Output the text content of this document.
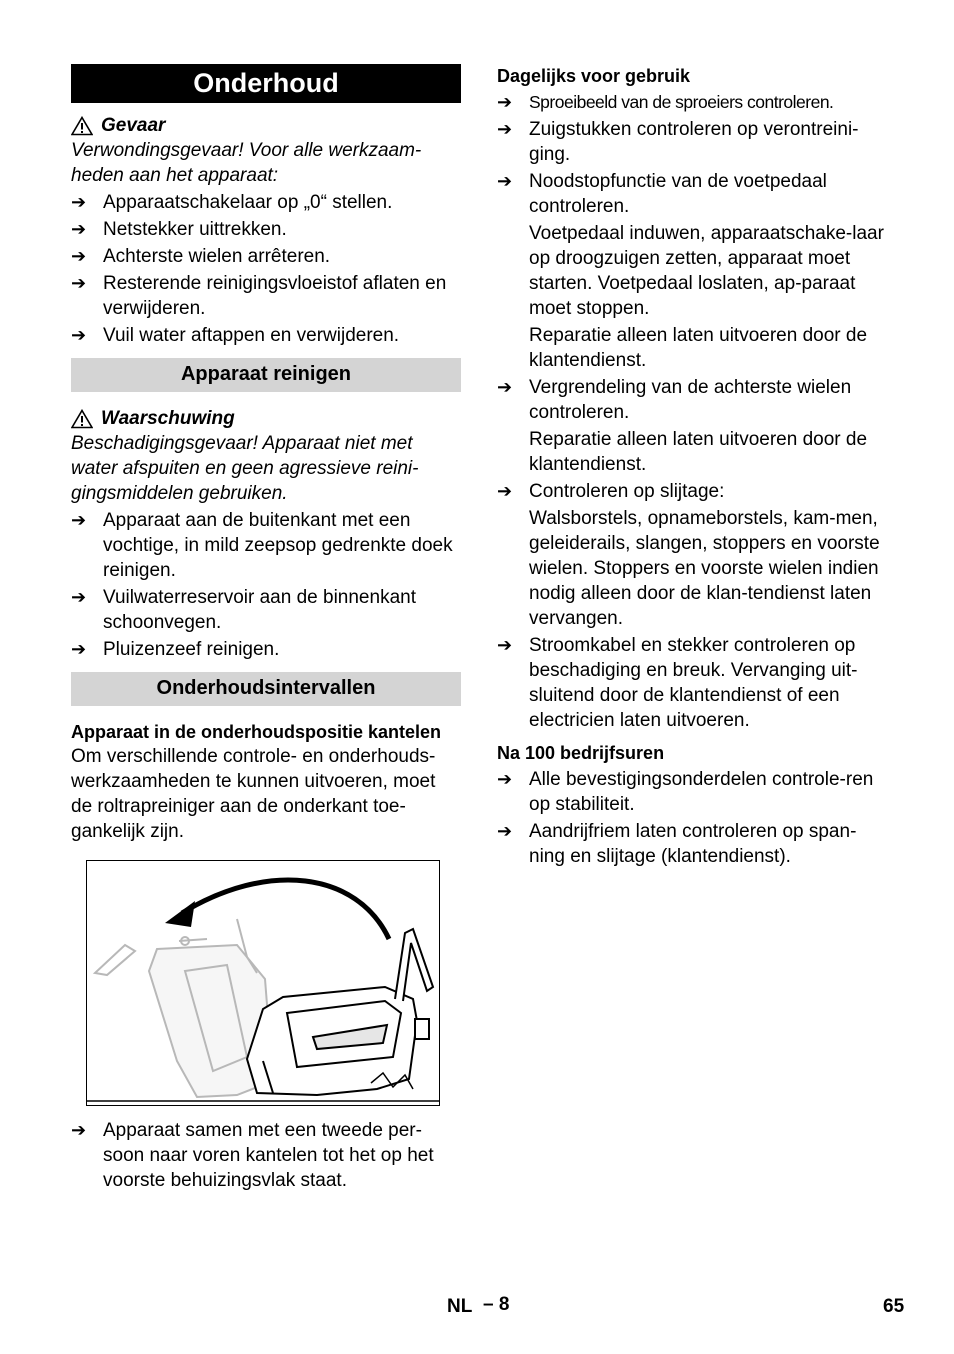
Onderhoud
Gevaar
Verwondingsgevaar! Voor alle werkzaam-heden aan het apparaat:
➔ Apparaatschakelaar op „0“ stellen.
➔ Netstekker uittrekken.
➔ Achterste wielen arrêteren.
➔ Resterende reinigingsvloeistof aflaten en verwijderen.
➔ Vuil water aftappen en verwijderen.
Apparaat reinigen
Waarschuwing
Beschadigingsgevaar! Apparaat niet met water afspuiten en geen agressieve reini-gingsmiddelen gebruiken.
➔ Apparaat aan de buitenkant met een vochtige, in mild zeepsop gedrenkte doek reinigen.
➔ Vuilwaterreservoir aan de binnenkant schoonvegen.
➔ Pluizenzeef reinigen.
Onderhoudsintervallen
Apparaat in de onderhoudspositie kantelen
Om verschillende controle- en onderhouds-werkzaamheden te kunnen uitvoeren, moet de roltrapreiniger aan de onderkant toe-gankelijk zijn.
➔ Apparaat samen met een tweede per-soon naar voren kantelen tot het op het voorste behuizingsvlak staat.
Dagelijks voor gebruik
➔ Sproeibeeld van de sproeiers controleren.
➔ Zuigstukken controleren op verontreini-ging.
➔ Noodstopfunctie van de voetpedaal controleren.
Voetpedaal induwen, apparaatschake-laar op droogzuigen zetten, apparaat moet starten. Voetpedaal loslaten, ap-paraat moet stoppen.
Reparatie alleen laten uitvoeren door de klantendienst.
➔ Vergrendeling van de achterste wielen controleren.
Reparatie alleen laten uitvoeren door de klantendienst.
➔ Controleren op slijtage:
Walsborstels, opnameborstels, kam-men, geleiderails, slangen, stoppers en voorste wielen. Stoppers en voorste wielen indien nodig alleen door de klan-tendienst laten vervangen.
➔ Stroomkabel en stekker controleren op beschadiging en breuk. Vervanging uit-sluitend door de klantendienst of een electricien laten uitvoeren.
Na 100 bedrijfsuren
➔ Alle bevestigingsonderdelen controle-ren op stabiliteit.
➔ Aandrijfriem laten controleren op span-ning en slijtage (klantendienst).
NL – 8	65
